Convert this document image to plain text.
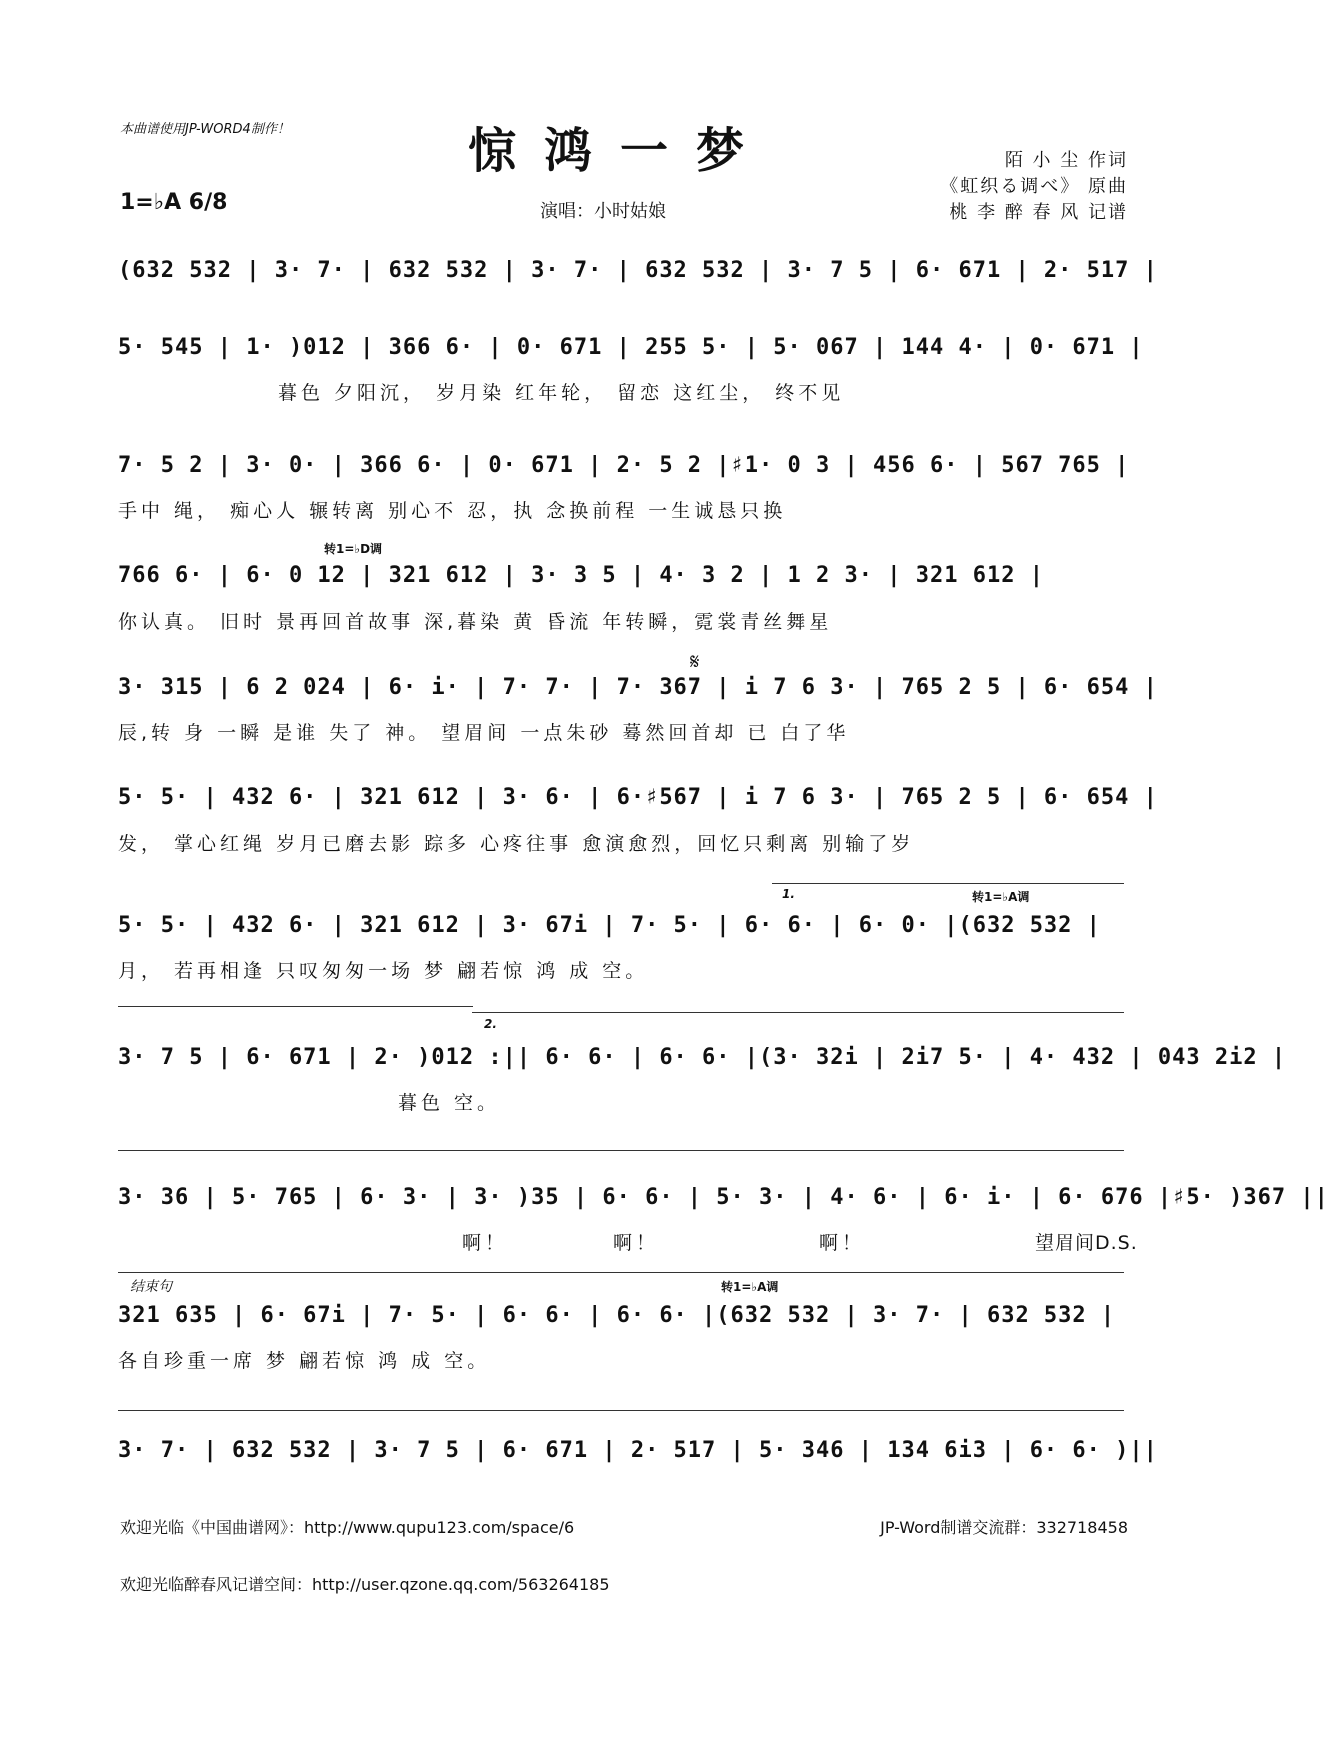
本曲谱使用JP-WORD4制作！	惊鸿一梦
1=♭A 6/8	演唱：小时姑娘
陌 小 尘 作词
《虹织る调べ》 原曲
桃 李 醉 春 风 记谱
(632 532 | 3· 7· | 632 532 | 3· 7· | 632 532 | 3· 7 5 | 6· 671 | 2· 517 |
5· 545 | 1· )012 | 366 6· | 0· 671 | 255 5· | 5· 067 | 144 4· | 0· 671 |
暮色 夕阳沉， 岁月染 红年轮， 留恋 这红尘， 终不见
7· 5 2 | 3· 0· | 366 6· | 0· 671 | 2· 5 2 |♯1· 0 3 | 456 6· | 567 765 |
手中 绳， 痴心人 辗转离 别心不 忍，执 念换前程 一生诚恳只换
转1=♭D调
766 6· | 6· 0 12 | 321 612 | 3· 3 5 | 4· 3 2 | 1 2 3· | 321 612 |
你认真。 旧时 景再回首故事 深,暮染 黄 昏流 年转瞬，霓裳青丝舞星
𝄋
3· 315 | 6 2 024 | 6· i· | 7· 7· | 7· 367 | i 7 6 3· | 765 2 5 | 6· 654 |
辰,转 身 一瞬 是谁 失了 神。 望眉间 一点朱砂 蓦然回首却 已 白了华
5· 5· | 432 6· | 321 612 | 3· 6· | 6·♯567 | i 7 6 3· | 765 2 5 | 6· 654 |
发， 掌心红绳 岁月已磨去影 踪多 心疼往事 愈演愈烈，回忆只剩离 别输了岁
1.	转1=♭A调
5· 5· | 432 6· | 321 612 | 3· 67i | 7· 5· | 6· 6· | 6· 0· |(632 532 |
月， 若再相逢 只叹匆匆一场 梦 翩若惊 鸿 成 空。
2.
3· 7 5 | 6· 671 | 2· )012 :|| 6· 6· | 6· 6· |(3· 32i | 2i7 5· | 4· 432 | 043 2i2 |
暮色 空。
3· 36 | 5· 765 | 6· 3· | 3· )35 | 6· 6· | 5· 3· | 4· 6· | 6· i· | 6· 676 |♯5· )367 ||
啊！	啊！	啊！	望眉间D.S.
结束句	转1=♭A调
321 635 | 6· 67i | 7· 5· | 6· 6· | 6· 6· |(632 532 | 3· 7· | 632 532 |
各自珍重一席 梦 翩若惊 鸿 成 空。
3· 7· | 632 532 | 3· 7 5 | 6· 671 | 2· 517 | 5· 346 | 134 6i3 | 6· 6· )||
欢迎光临《中国曲谱网》：http://www.qupu123.com/space/6	JP-Word制谱交流群：332718458
欢迎光临醉春风记谱空间：http://user.qzone.qq.com/563264185
